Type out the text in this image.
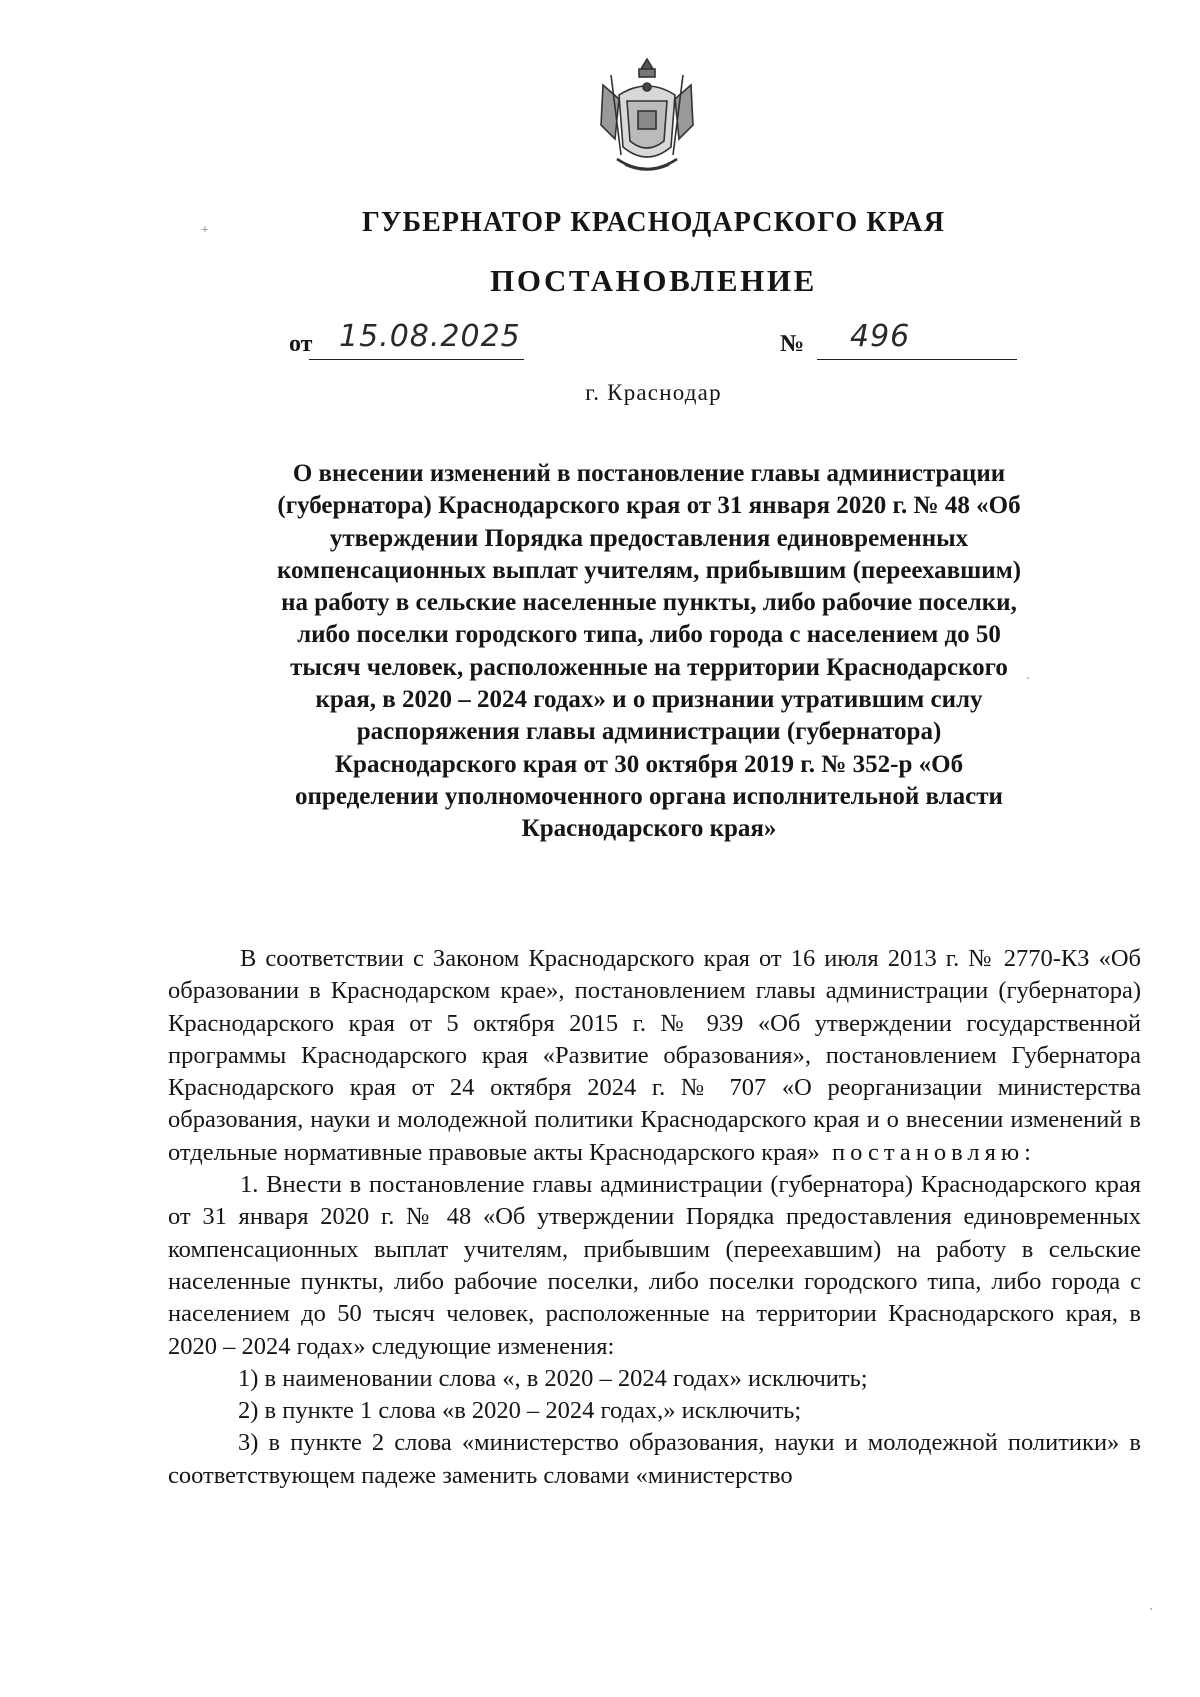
ГУБЕРНАТОР КРАСНОДАРСКОГО КРАЯ
ПОСТАНОВЛЕНИЕ
от 15.08.2025	№ 496
г. Краснодар
О внесении изменений в постановление главы администрации (губернатора) Краснодарского края от 31 января 2020 г. № 48 «Об утверждении Порядка предоставления единовременных компенсационных выплат учителям, прибывшим (переехавшим) на работу в сельские населенные пункты, либо рабочие поселки, либо поселки городского типа, либо города с населением до 50 тысяч человек, расположенные на территории Краснодарского края, в 2020 – 2024 годах» и о признании утратившим силу распоряжения главы администрации (губернатора) Краснодарского края от 30 октября 2019 г. № 352-р «Об определении уполномоченного органа исполнительной власти Краснодарского края»

В соответствии с Законом Краснодарского края от 16 июля 2013 г. № 2770-КЗ «Об образовании в Краснодарском крае», постановлением главы администрации (губернатора) Краснодарского края от 5 октября 2015 г. № 939 «Об утверждении государственной программы Краснодарского края «Развитие образования», постановлением Губернатора Краснодарского края от 24 октября 2024 г. № 707 «О реорганизации министерства образования, науки и молодежной политики Краснодарского края и о внесении изменений в отдельные нормативные правовые акты Краснодарского края» постановляю:

1. Внести в постановление главы администрации (губернатора) Краснодарского края от 31 января 2020 г. № 48 «Об утверждении Порядка предоставления единовременных компенсационных выплат учителям, прибывшим (переехавшим) на работу в сельские населенные пункты, либо рабочие поселки, либо поселки городского типа, либо города с населением до 50 тысяч человек, расположенные на территории Краснодарского края, в 2020 – 2024 годах» следующие изменения:

1) в наименовании слова «, в 2020 – 2024 годах» исключить;

2) в пункте 1 слова «в 2020 – 2024 годах,» исключить;

3) в пункте 2 слова «министерство образования, науки и молодежной политики» в соответствующем падеже заменить словами «министерство

+
